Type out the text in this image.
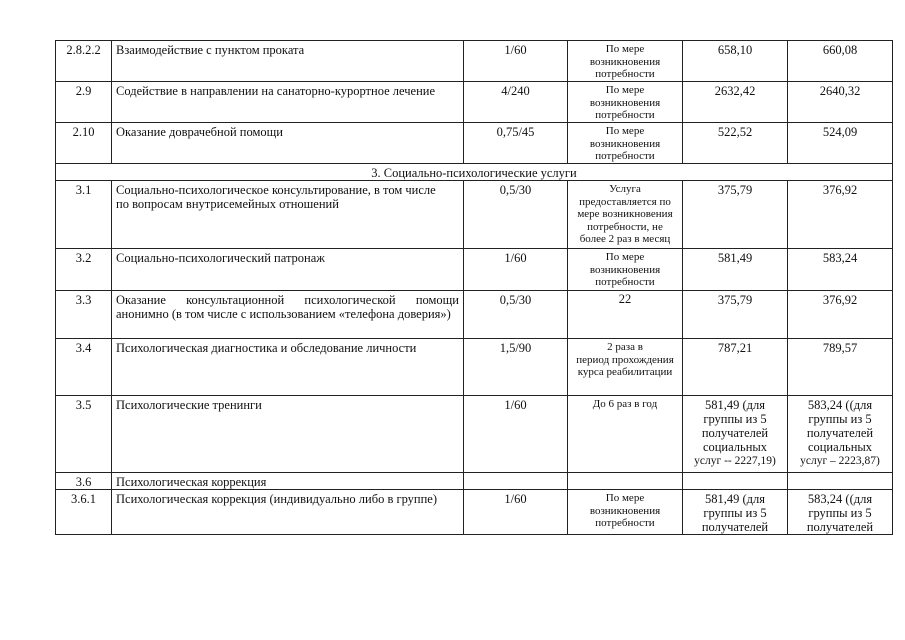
2.8.2.2	Взаимодействие с пунктом проката	1/60	По мере
возникновения
потребности	658,10	660,08
2.9	Содействие в направлении на санаторно-курортное лечение	4/240	По мере
возникновения
потребности	2632,42	2640,32
2.10	Оказание доврачебной помощи	0,75/45	По мере
возникновения
потребности	522,52	524,09
3. Социально-психологические услуги					
3.1	Социально-психологическое консультирование, в том числе
по вопросам внутрисемейных отношений	0,5/30	Услуга
предоставляется по
мере возникновения
потребности, не
более 2 раз в месяц	375,79	376,92
3.2	Социально-психологический патронаж	1/60	По мере
возникновения
потребности	581,49	583,24
3.3	Оказание консультационной психологической помощи анонимно (в том числе с использованием «телефона доверия»)	0,5/30	22	375,79	376,92
3.4	Психологическая диагностика и обследование личности	1,5/90	2 раза в
период прохождения
курса реабилитации	787,21	789,57
3.5	Психологические тренинги	1/60	До 6 раз в год	581,49 (для
группы из 5
получателей
социальных
услуг -- 2227,19)	583,24 ((для
группы из 5
получателей
социальных
услуг – 2223,87)

3.6	Психологическая коррекция				
3.6.1	Психологическая коррекция (индивидуально либо в группе)	1/60	По мере
возникновения
потребности	581,49 (для
группы из 5
получателей	583,24 ((для
группы из 5
получателей
